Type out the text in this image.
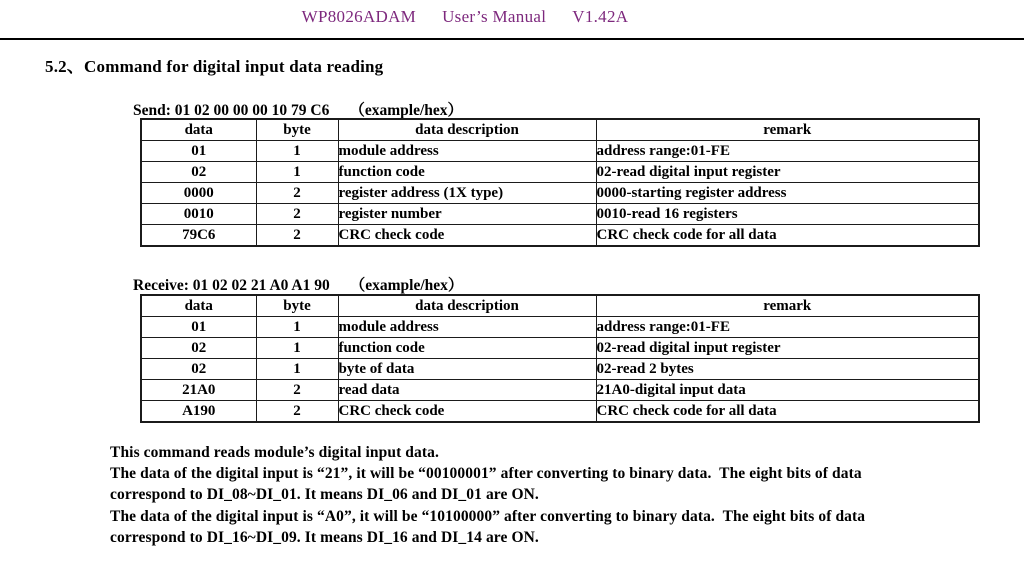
WP8026ADAM User’s Manual V1.42A
5.2、Command for digital input data reading
Send: 01 02 00 00 00 10 79 C6 （example/hex）
data	byte	data description	remark
01	1	module address	address range:01-FE
02	1	function code	02-read digital input register
0000	2	register address (1X type)	0000-starting register address
0010	2	register number	0010-read 16 registers
79C6	2	CRC check code	CRC check code for all data
Receive: 01 02 02 21 A0 A1 90 （example/hex）
data	byte	data description	remark
01	1	module address	address range:01-FE
02	1	function code	02-read digital input register
02	1	byte of data	02-read 2 bytes
21A0	2	read data	21A0-digital input data
A190	2	CRC check code	CRC check code for all data
This command reads module’s digital input data.
The data of the digital input is “21”, it will be “00100001” after converting to binary data.  The eight bits of data
correspond to DI_08~DI_01. It means DI_06 and DI_01 are ON.
The data of the digital input is “A0”, it will be “10100000” after converting to binary data.  The eight bits of data
correspond to DI_16~DI_09. It means DI_16 and DI_14 are ON.
